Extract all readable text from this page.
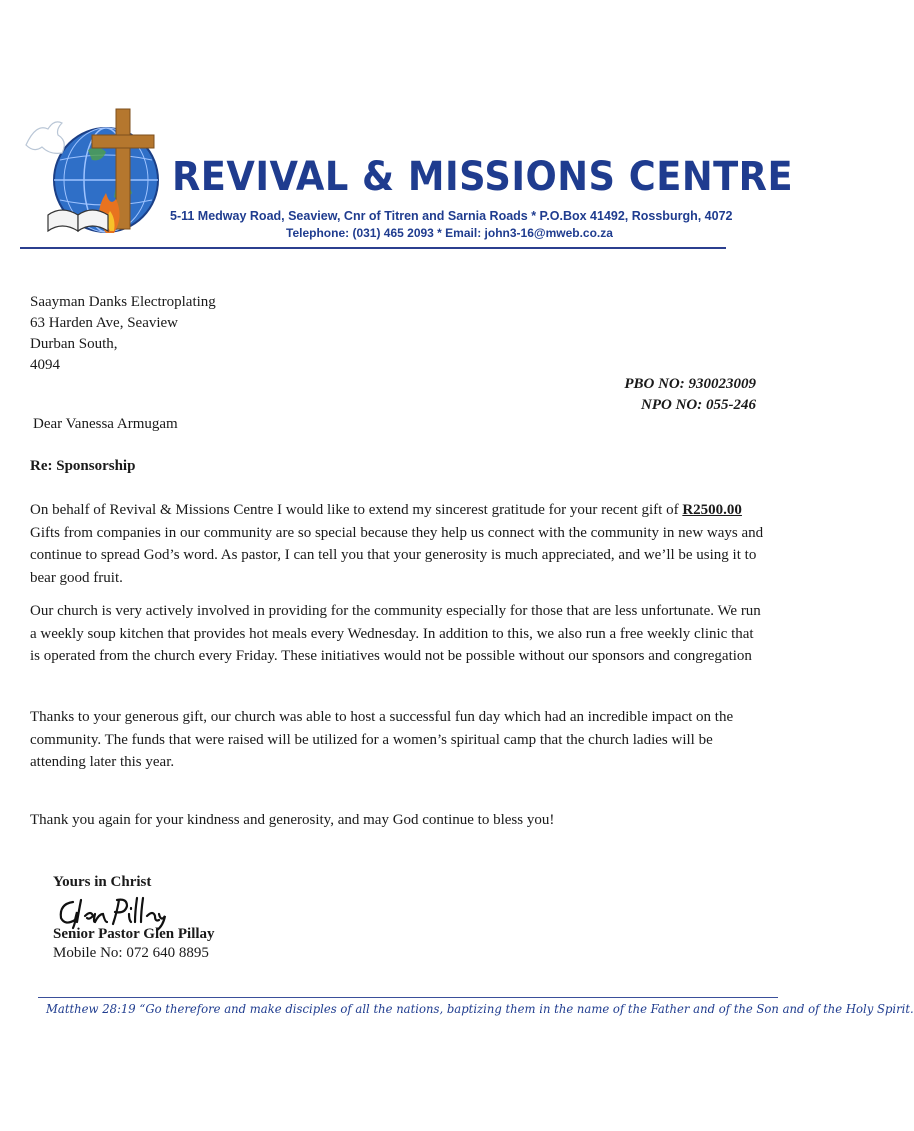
REVIVAL & MISSIONS CENTRE
5-11 Medway Road, Seaview, Cnr of Titren and Sarnia Roads * P.O.Box 41492, Rossburgh, 4072
Telephone: (031) 465 2093 * Email: john3-16@mweb.co.za
Saayman Danks Electroplating
63 Harden Ave, Seaview
Durban South,
4094
PBO NO: 930023009
NPO NO: 055-246
Dear Vanessa Armugam
Re: Sponsorship
On behalf of Revival & Missions Centre I would like to extend my sincerest gratitude for your recent gift of R2500.00 Gifts from companies in our community are so special because they help us connect with the community in new ways and continue to spread God’s word. As pastor, I can tell you that your generosity is much appreciated, and we’ll be using it to bear good fruit.
Our church is very actively involved in providing for the community especially for those that are less unfortunate. We run a weekly soup kitchen that provides hot meals every Wednesday. In addition to this, we also run a free weekly clinic that is operated from the church every Friday. These initiatives would not be possible without our sponsors and congregation
Thanks to your generous gift, our church was able to host a successful fun day which had an incredible impact on the community. The funds that were raised will be utilized for a women’s spiritual camp that the church ladies will be attending later this year.
Thank you again for your kindness and generosity, and may God continue to bless you!
Yours in Christ
Senior Pastor Glen Pillay
Mobile No: 072 640 8895
Matthew 28:19 “Go therefore and make disciples of all the nations, baptizing them in the name of the Father and of the Son and of the Holy Spirit.
